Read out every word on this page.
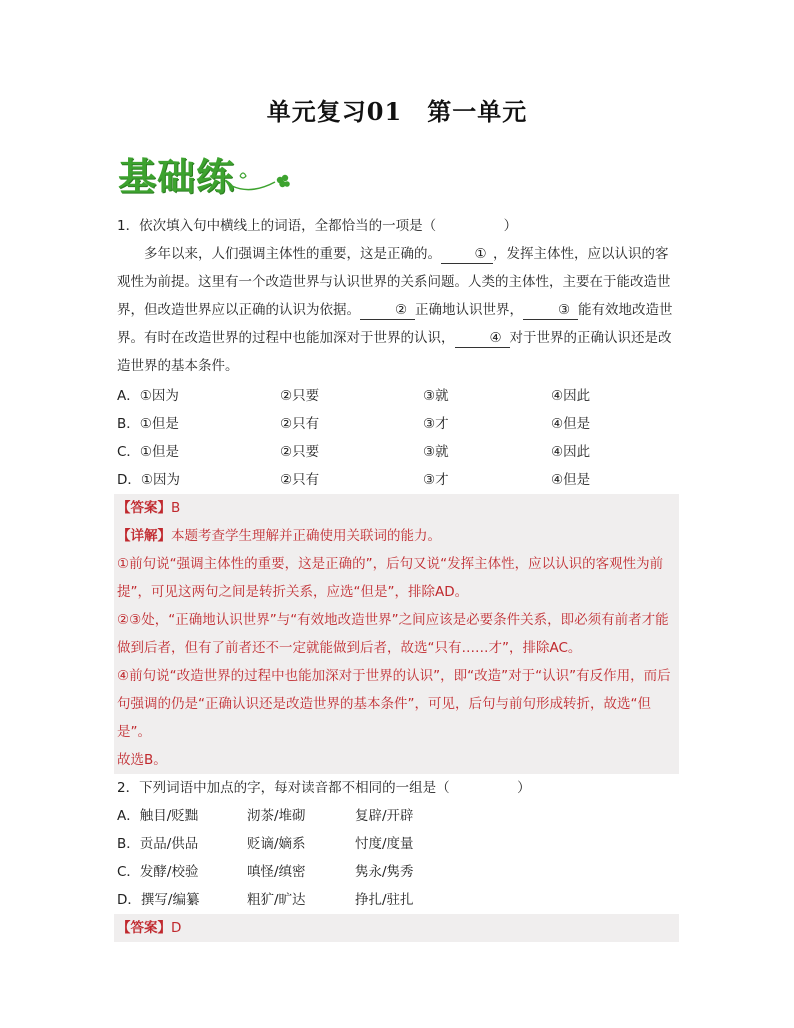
单元复习01　第一单元
基础练
1．依次填入句中横线上的词语，全都恰当的一项是（　　　　　）
多年以来，人们强调主体性的重要，这是正确的。 ① ，发挥主体性，应以认识的客观性为前提。这里有一个改造世界与认识世界的关系问题。人类的主体性，主要在于能改造世界，但改造世界应以正确的认识为依据。	② 正确地认识世界，	③ 能有效地改造世界。有时在改造世界的过程中也能加深对于世界的认识，	④ 对于世界的正确认识还是改造世界的基本条件。
A．①因为	②只要	③就	④因此
B．①但是	②只有	③才	④但是
C．①但是	②只要	③就	④因此
D．①因为	②只有	③才	④但是
【答案】B
【详解】本题考查学生理解并正确使用关联词的能力。
①前句说“强调主体性的重要，这是正确的”，后句又说“发挥主体性，应以认识的客观性为前提”，可见这两句之间是转折关系，应选“但是”，排除AD。
②③处，“正确地认识世界”与“有效地改造世界”之间应该是必要条件关系，即必须有前者才能做到后者，但有了前者还不一定就能做到后者，故选“只有……才”，排除AC。
④前句说“改造世界的过程中也能加深对于世界的认识”，即“改造”对于“认识”有反作用，而后句强调的仍是“正确认识还是改造世界的基本条件”，可见，后句与前句形成转折，故选“但是”。
故选B。
2．下列词语中加点的字，每对读音都不相同的一组是（　　　　　）
A．触目/贬黜	沏茶/堆砌	复辟/开辟
B．贡品/供品	贬谪/嫡系	忖度/度量
C．发酵/校验	嗔怪/缜密	隽永/隽秀
D．撰写/编纂	粗犷/旷达	挣扎/驻扎
【答案】D
